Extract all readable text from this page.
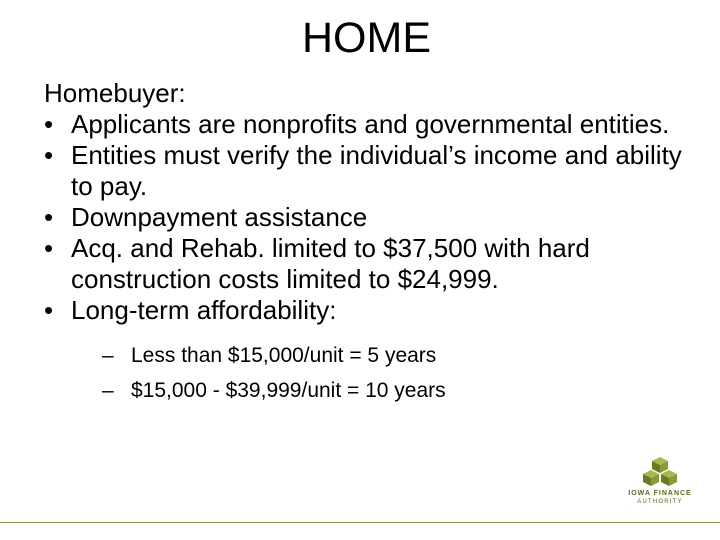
HOME

Homebuyer:

• Applicants are nonprofits and governmental entities.
• Entities must verify the individual’s income and ability to pay.
• Downpayment assistance
• Acq. and Rehab. limited to $37,500 with hard construction costs limited to $24,999.
• Long-term affordability:
– Less than $15,000/unit = 5 years
– $15,000 - $39,999/unit = 10 years
IOWA FINANCE
AUTHORITY
